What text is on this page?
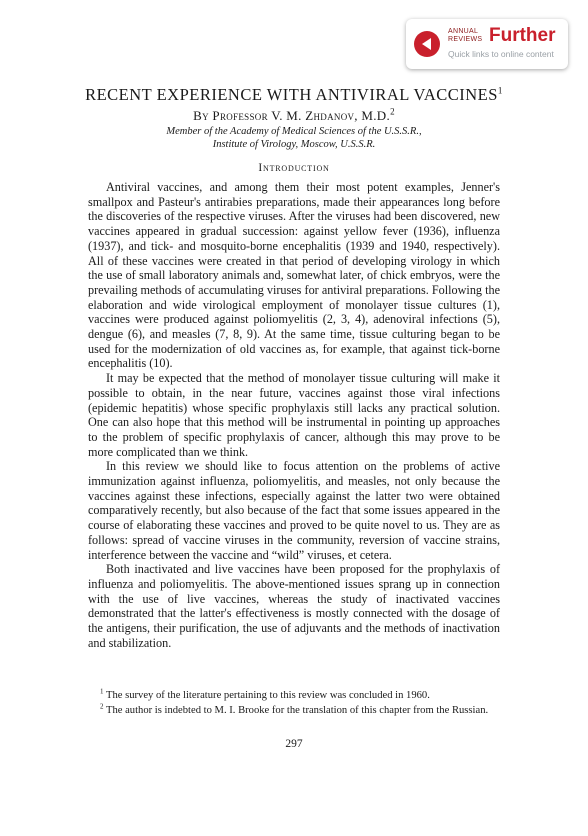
ANNUAL REVIEWS Further
Quick links to online content
RECENT EXPERIENCE WITH ANTIVIRAL VACCINES$^1$
By Professor V. M. Zhdanov, M.D.$^2$
Member of the Academy of Medical Sciences of the U.S.S.R.,
Institute of Virology, Moscow, U.S.S.R.
Introduction

Antiviral vaccines, and among them their most potent examples, Jenner's smallpox and Pasteur's antirabies preparations, made their appearances long before the discoveries of the respective viruses. After the viruses had been discovered, new vaccines appeared in gradual succession: against yellow fever (1936), influenza (1937), and tick- and mosquito-borne encephalitis (1939 and 1940, respectively). All of these vaccines were created in that period of developing virology in which the use of small laboratory animals and, somewhat later, of chick embryos, were the prevailing methods of accumulating viruses for antiviral preparations. Following the elaboration and wide virological employment of monolayer tissue cultures (1), vaccines were produced against poliomyelitis (2, 3, 4), adenoviral infections (5), dengue (6), and measles (7, 8, 9). At the same time, tissue culturing began to be used for the modernization of old vaccines as, for example, that against tick-borne encephalitis (10).

It may be expected that the method of monolayer tissue culturing will make it possible to obtain, in the near future, vaccines against those viral infections (epidemic hepatitis) whose specific prophylaxis still lacks any practical solution. One can also hope that this method will be instrumental in pointing up approaches to the problem of specific prophylaxis of cancer, although this may prove to be more complicated than we think.

In this review we should like to focus attention on the problems of active immunization against influenza, poliomyelitis, and measles, not only because the vaccines against these infections, especially against the latter two were obtained comparatively recently, but also because of the fact that some issues appeared in the course of elaborating these vaccines and proved to be quite novel to us. They are as follows: spread of vaccine viruses in the community, reversion of vaccine strains, interference between the vaccine and “wild” viruses, et cetera.

Both inactivated and live vaccines have been proposed for the prophylaxis of influenza and poliomyelitis. The above-mentioned issues sprang up in connection with the use of live vaccines, whereas the study of inactivated vaccines demonstrated that the latter's effectiveness is mostly connected with the dosage of the antigens, their purification, the use of adjuvants and the methods of inactivation and stabilization.

$^1$ The survey of the literature pertaining to this review was concluded in 1960.

$^2$ The author is indebted to M. I. Brooke for the translation of this chapter from the Russian.

297
